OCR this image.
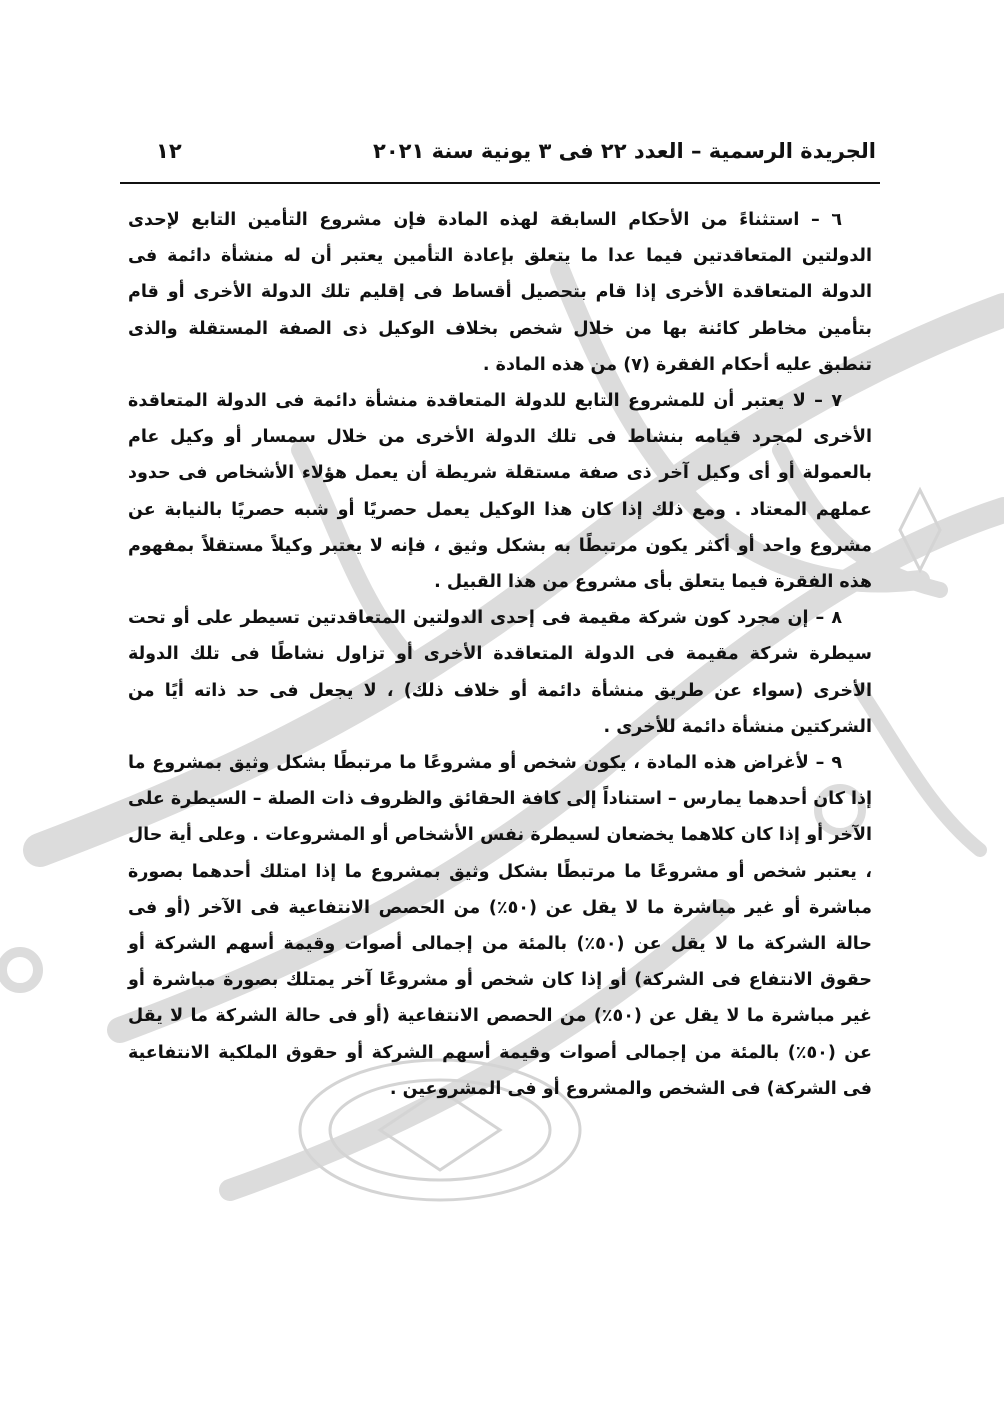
الجريدة الرسمية – العدد ٢٢ فى ٣ يونية سنة ٢٠٢١
١٢

٦ – استثناءً من الأحكام السابقة لهذه المادة فإن مشروع التأمين التابع لإحدى الدولتين المتعاقدتين فيما عدا ما يتعلق بإعادة التأمين يعتبر أن له منشأة دائمة فى الدولة المتعاقدة الأخرى إذا قام بتحصيل أقساط فى إقليم تلك الدولة الأخرى أو قام بتأمين مخاطر كائنة بها من خلال شخص بخلاف الوكيل ذى الصفة المستقلة والذى تنطبق عليه أحكام الفقرة (٧) من هذه المادة .

٧ – لا يعتبر أن للمشروع التابع للدولة المتعاقدة منشأة دائمة فى الدولة المتعاقدة الأخرى لمجرد قيامه بنشاط فى تلك الدولة الأخرى من خلال سمسار أو وكيل عام بالعمولة أو أى وكيل آخر ذى صفة مستقلة شريطة أن يعمل هؤلاء الأشخاص فى حدود عملهم المعتاد . ومع ذلك إذا كان هذا الوكيل يعمل حصريًا أو شبه حصريًا بالنيابة عن مشروع واحد أو أكثر يكون مرتبطًا به بشكل وثيق ، فإنه لا يعتبر وكيلاً مستقلاً بمفهوم هذه الفقرة فيما يتعلق بأى مشروع من هذا القبيل .

٨ – إن مجرد كون شركة مقيمة فى إحدى الدولتين المتعاقدتين تسيطر على أو تحت سيطرة شركة مقيمة فى الدولة المتعاقدة الأخرى أو تزاول نشاطًا فى تلك الدولة الأخرى (سواء عن طريق منشأة دائمة أو خلاف ذلك) ، لا يجعل فى حد ذاته أيًا من الشركتين منشأة دائمة للأخرى .

٩ – لأغراض هذه المادة ، يكون شخص أو مشروعًا ما مرتبطًا بشكل وثيق بمشروع ما إذا كان أحدهما يمارس – استناداً إلى كافة الحقائق والظروف ذات الصلة – السيطرة على الآخر أو إذا كان كلاهما يخضعان لسيطرة نفس الأشخاص أو المشروعات . وعلى أية حال ، يعتبر شخص أو مشروعًا ما مرتبطًا بشكل وثيق بمشروع ما إذا امتلك أحدهما بصورة مباشرة أو غير مباشرة ما لا يقل عن (٥٠٪) من الحصص الانتفاعية فى الآخر (أو فى حالة الشركة ما لا يقل عن (٥٠٪) بالمئة من إجمالى أصوات وقيمة أسهم الشركة أو حقوق الانتفاع فى الشركة) أو إذا كان شخص أو مشروعًا آخر يمتلك بصورة مباشرة أو غير مباشرة ما لا يقل عن (٥٠٪) من الحصص الانتفاعية (أو فى حالة الشركة ما لا يقل عن (٥٠٪) بالمئة من إجمالى أصوات وقيمة أسهم الشركة أو حقوق الملكية الانتفاعية فى الشركة) فى الشخص والمشروع أو فى المشروعين .
